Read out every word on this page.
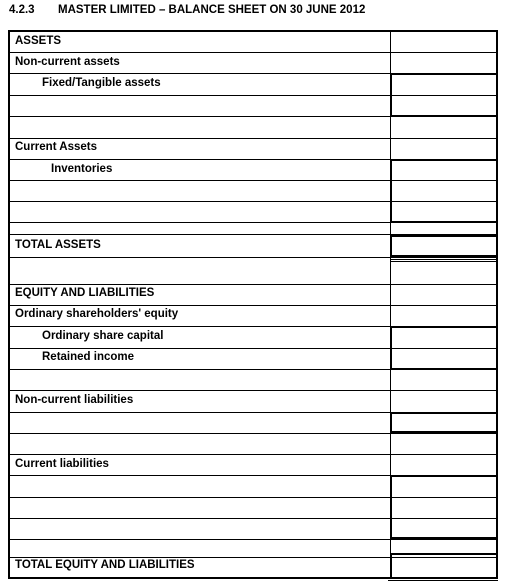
4.2.3 MASTER LIMITED – BALANCE SHEET ON 30 JUNE 2012
ASSETS
Non-current assets
Fixed/Tangible assets
Current Assets
Inventories
TOTAL ASSETS
EQUITY AND LIABILITIES
Ordinary shareholders' equity
Ordinary share capital
Retained income
Non-current liabilities
Current liabilities
TOTAL EQUITY AND LIABILITIES
